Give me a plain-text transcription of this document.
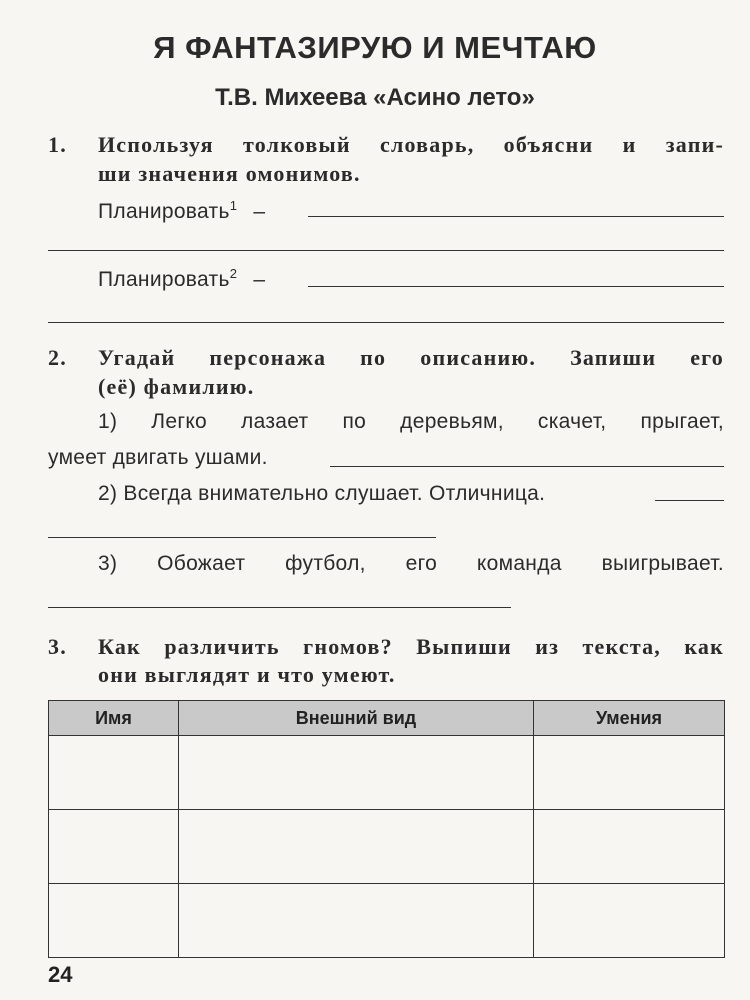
Я ФАНТАЗИРУЮ И МЕЧТАЮ
Т.В. Михеева «Асино лето»
1. Используя толковый словарь, объясни и запи-
ши значения омонимов.
Планировать$^1$ –
Планировать$^2$ –
2. Угадай персонажа по описанию. Запиши его
(её) фамилию.
1) Легко лазает по деревьям, скачет, прыгает,
умеет двигать ушами.
2) Всегда внимательно слушает. Отличница.
3) Обожает футбол, его команда выигрывает.
3. Как различить гномов? Выпиши из текста, как
они выглядят и что умеют.
Имя	Внешний вид	Умения

24
